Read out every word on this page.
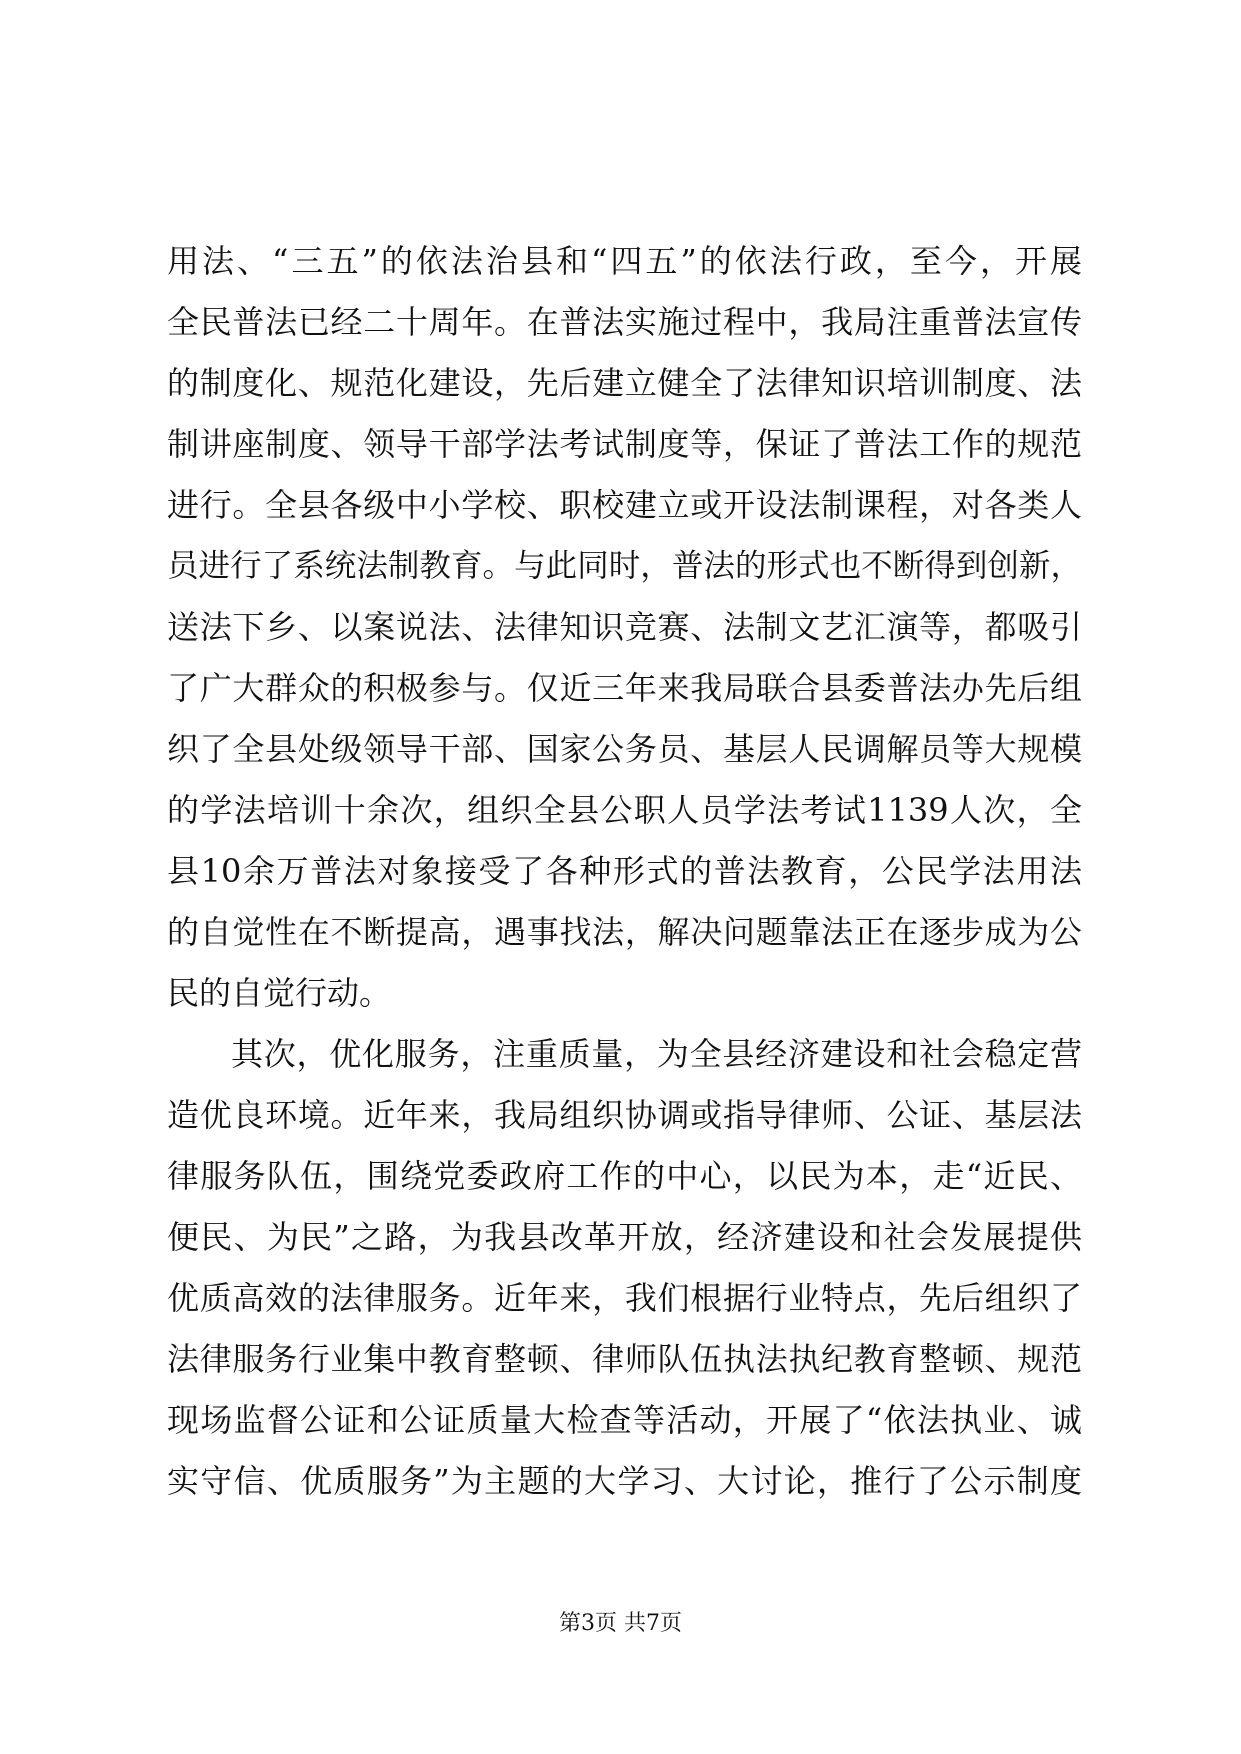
用法、“三五”的依法治县和“四五”的依法行政，至今，开展
全民普法已经二十周年。在普法实施过程中，我局注重普法宣传
的制度化、规范化建设，先后建立健全了法律知识培训制度、法
制讲座制度、领导干部学法考试制度等，保证了普法工作的规范
进行。全县各级中小学校、职校建立或开设法制课程，对各类人
员进行了系统法制教育。与此同时，普法的形式也不断得到创新，
送法下乡、以案说法、法律知识竞赛、法制文艺汇演等，都吸引
了广大群众的积极参与。仅近三年来我局联合县委普法办先后组
织了全县处级领导干部、国家公务员、基层人民调解员等大规模
的学法培训十余次，组织全县公职人员学法考试1139人次，全
县10余万普法对象接受了各种形式的普法教育，公民学法用法
的自觉性在不断提高，遇事找法，解决问题靠法正在逐步成为公
民的自觉行动。
其次，优化服务，注重质量，为全县经济建设和社会稳定营
造优良环境。近年来，我局组织协调或指导律师、公证、基层法
律服务队伍，围绕党委政府工作的中心，以民为本，走“近民、
便民、为民”之路，为我县改革开放，经济建设和社会发展提供
优质高效的法律服务。近年来，我们根据行业特点，先后组织了
法律服务行业集中教育整顿、律师队伍执法执纪教育整顿、规范
现场监督公证和公证质量大检查等活动，开展了“依法执业、诚
实守信、优质服务”为主题的大学习、大讨论，推行了公示制度
第3页 共7页
